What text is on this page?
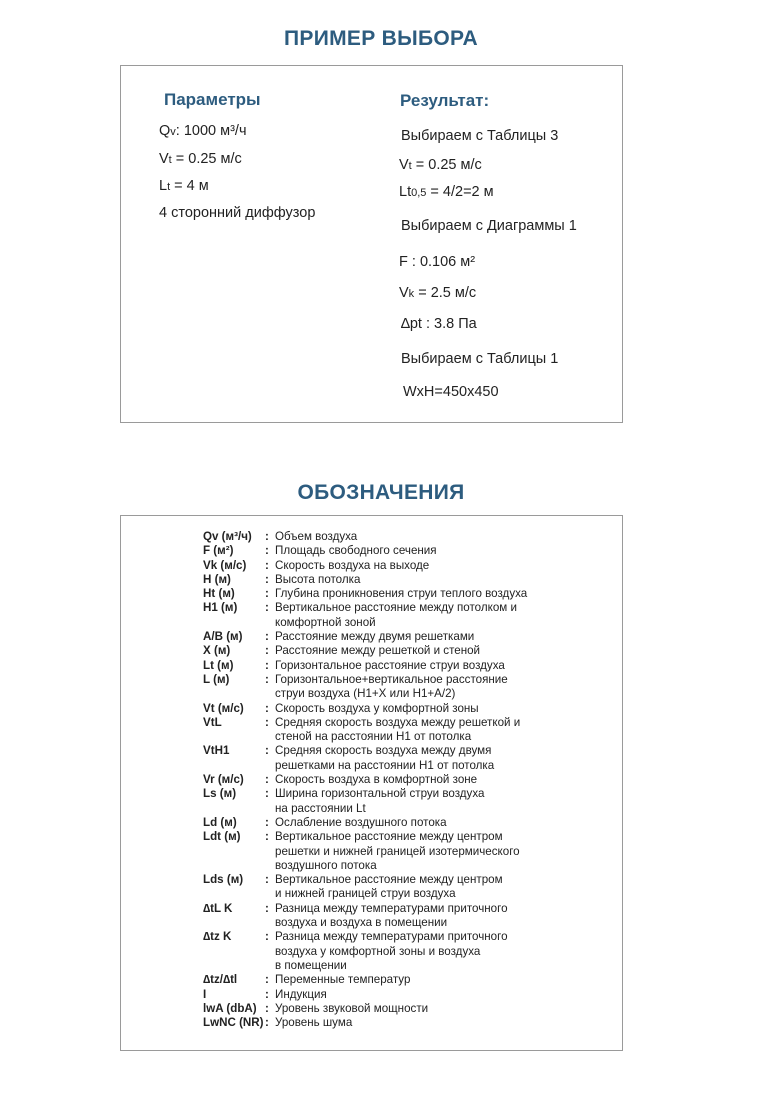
ПРИМЕР ВЫБОРА
Параметры	Результат:
Qv: 1000 м³/ч
Vt = 0.25 м/с
Lt = 4 м
4 сторонний диффузор
Выбираем с Таблицы 3
Vt = 0.25 м/с
Lt0,5 = 4/2=2 м
Выбираем с Диаграммы 1
F : 0.106 м²
Vk = 2.5 м/с
∆pt : 3.8 Па
Выбираем с Таблицы 1
WxH=450x450
ОБОЗНАЧЕНИЯ
Qv (м³/ч)	: Объем воздуха
F (м²)	: Площадь свободного сечения
Vk (м/с)	: Скорость воздуха на выходе
H (м)	: Высота потолка
Ht (м)	: Глубина проникновения струи теплого воздуха
H1 (м)	: Вертикальное расстояние между потолком и
комфортной зоной
A/B (м)	: Расстояние между двумя решетками
X (м)	: Расстояние между решеткой и стеной
Lt (м)	: Горизонтальное расстояние струи воздуха
L (м)	: Горизонтальное+вертикальное расстояние
струи воздуха (H1+X или H1+A/2)
Vt (м/с)	: Скорость воздуха у комфортной зоны
VtL	: Средняя скорость воздуха между решеткой и
стеной на расстоянии H1 от потолка
VtH1	: Средняя скорость воздуха между двумя
решетками на расстоянии H1 от потолка
Vr (м/с)	: Скорость воздуха в комфортной зоне
Ls (м)	: Ширина горизонтальной струи воздуха
на расстоянии Lt
Ld (м)	: Ослабление воздушного потока
Ldt (м)	: Вертикальное расстояние между центром
решетки и нижней границей изотермического
воздушного потока
Lds (м)	: Вертикальное расстояние между центром
и нижней границей струи воздуха
∆tL K	: Разница между температурами приточного
воздуха и воздуха в помещении
∆tz K	: Разница между температурами приточного
воздуха у комфортной зоны и воздуха
в помещении
∆tz/∆tl	: Переменные температур
I	: Индукция
lwA (dbA) : Уровень звуковой мощности
LwNC (NR) : Уровень шума
